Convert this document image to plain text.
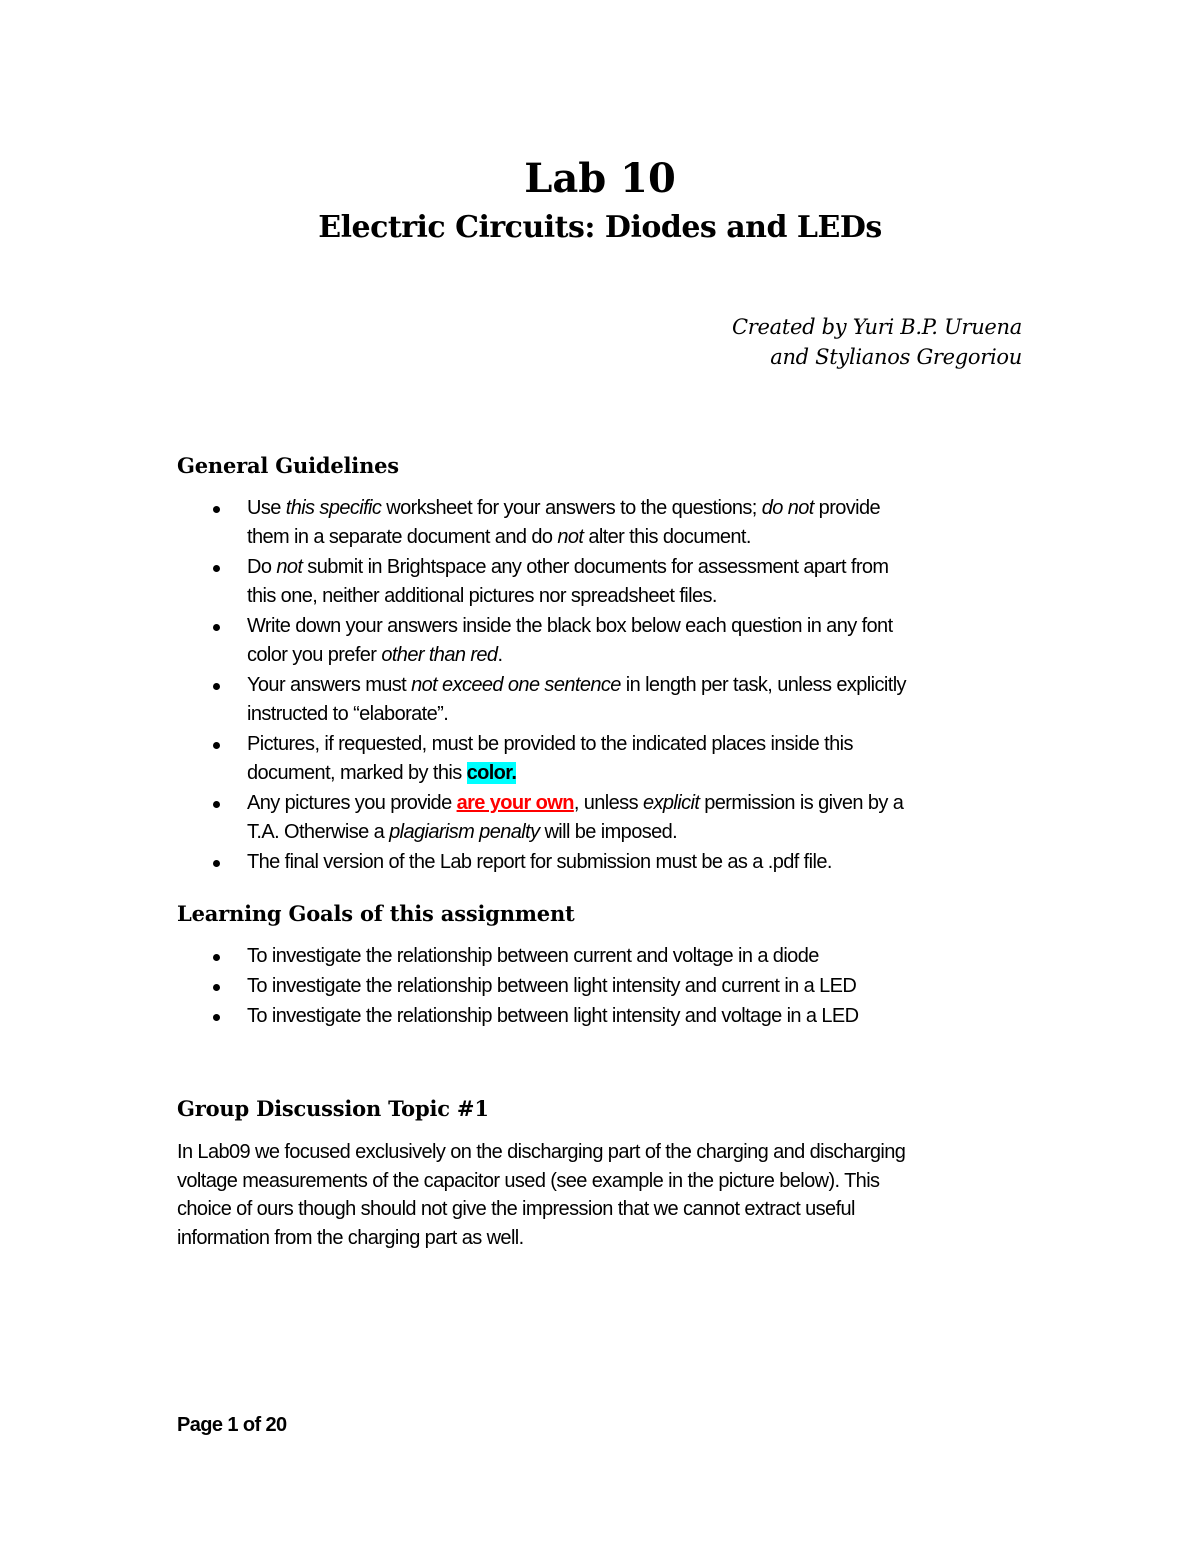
Lab 10
Electric Circuits: Diodes and LEDs
Created by Yuri B.P. Uruena
and Stylianos Gregoriou
General Guidelines
Use this specific worksheet for your answers to the questions; do not provide
them in a separate document and do not alter this document.
Do not submit in Brightspace any other documents for assessment apart from
this one, neither additional pictures nor spreadsheet files.
Write down your answers inside the black box below each question in any font
color you prefer other than red.
Your answers must not exceed one sentence in length per task, unless explicitly
instructed to “elaborate”.
Pictures, if requested, must be provided to the indicated places inside this
document, marked by this color.
Any pictures you provide are your own, unless explicit permission is given by a
T.A. Otherwise a plagiarism penalty will be imposed.
The final version of the Lab report for submission must be as a .pdf file.
Learning Goals of this assignment
To investigate the relationship between current and voltage in a diode
To investigate the relationship between light intensity and current in a LED
To investigate the relationship between light intensity and voltage in a LED
Group Discussion Topic #1
In Lab09 we focused exclusively on the discharging part of the charging and discharging
voltage measurements of the capacitor used (see example in the picture below). This
choice of ours though should not give the impression that we cannot extract useful
information from the charging part as well.
Page 1 of 20
